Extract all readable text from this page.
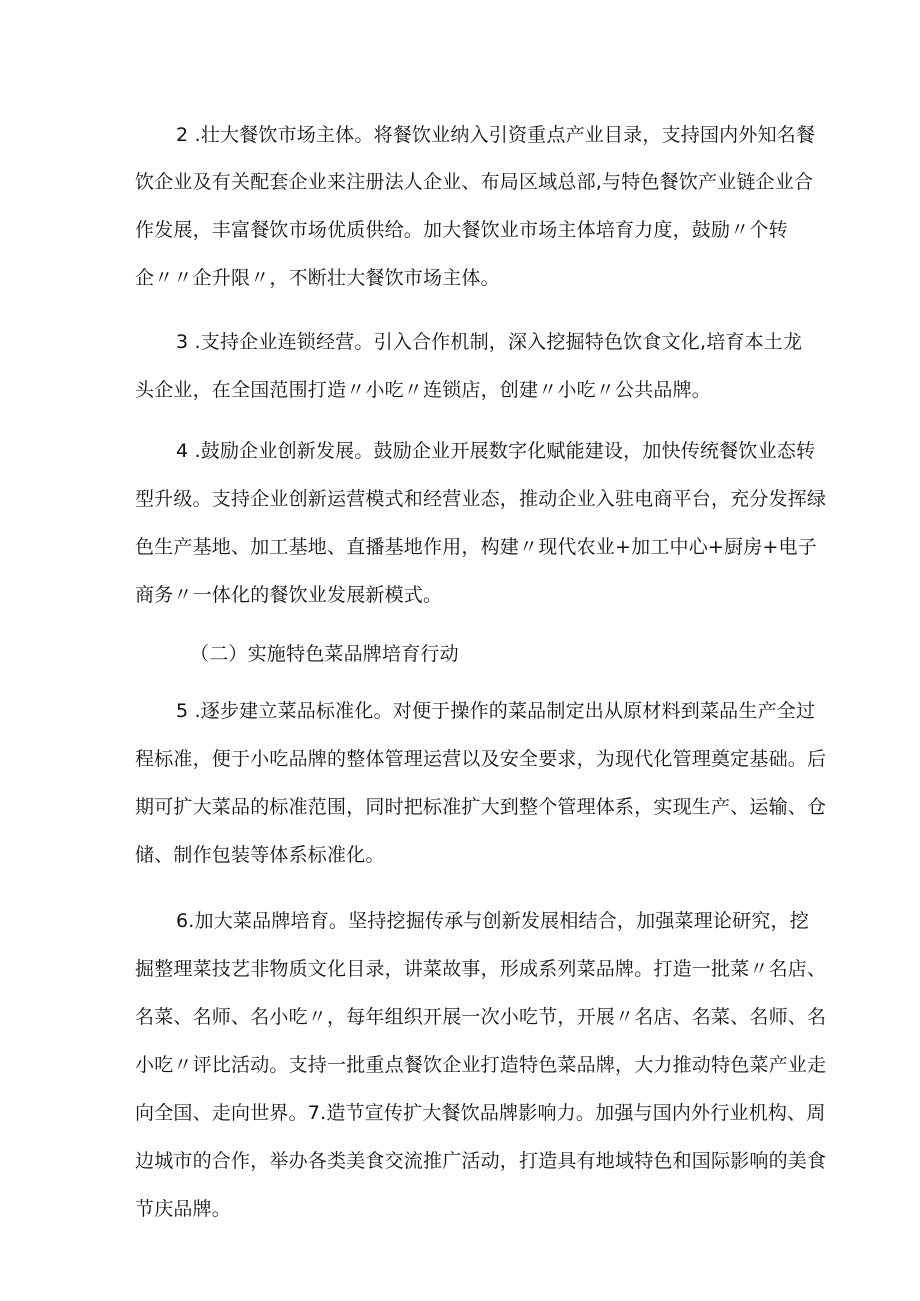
2 .壮大餐饮市场主体。将餐饮业纳入引资重点产业目录，支持国内外知名餐
饮企业及有关配套企业来注册法人企业、布局区域总部,与特色餐饮产业链企业合
作发展，丰富餐饮市场优质供给。加大餐饮业市场主体培育力度，鼓励〃个转
企〃〃企升限〃，不断壮大餐饮市场主体。
3 .支持企业连锁经营。引入合作机制，深入挖掘特色饮食文化,培育本土龙
头企业，在全国范围打造〃小吃〃连锁店，创建〃小吃〃公共品牌。
4 .鼓励企业创新发展。鼓励企业开展数字化赋能建设，加快传统餐饮业态转
型升级。支持企业创新运营模式和经营业态，推动企业入驻电商平台，充分发挥绿
色生产基地、加工基地、直播基地作用，构建〃现代农业+加工中心+厨房+电子
商务〃一体化的餐饮业发展新模式。
（二）实施特色菜品牌培育行动
5 .逐步建立菜品标准化。对便于操作的菜品制定出从原材料到菜品生产全过
程标准，便于小吃品牌的整体管理运营以及安全要求，为现代化管理奠定基础。后
期可扩大菜品的标准范围，同时把标准扩大到整个管理体系，实现生产、运输、仓
储、制作包装等体系标准化。
6.加大菜品牌培育。坚持挖掘传承与创新发展相结合，加强菜理论研究，挖
掘整理菜技艺非物质文化目录，讲菜故事，形成系列菜品牌。打造一批菜〃名店、
名菜、名师、名小吃〃，每年组织开展一次小吃节，开展〃名店、名菜、名师、名
小吃〃评比活动。支持一批重点餐饮企业打造特色菜品牌，大力推动特色菜产业走
向全国、走向世界。7.造节宣传扩大餐饮品牌影响力。加强与国内外行业机构、周
边城市的合作，举办各类美食交流推广活动，打造具有地域特色和国际影响的美食
节庆品牌。
